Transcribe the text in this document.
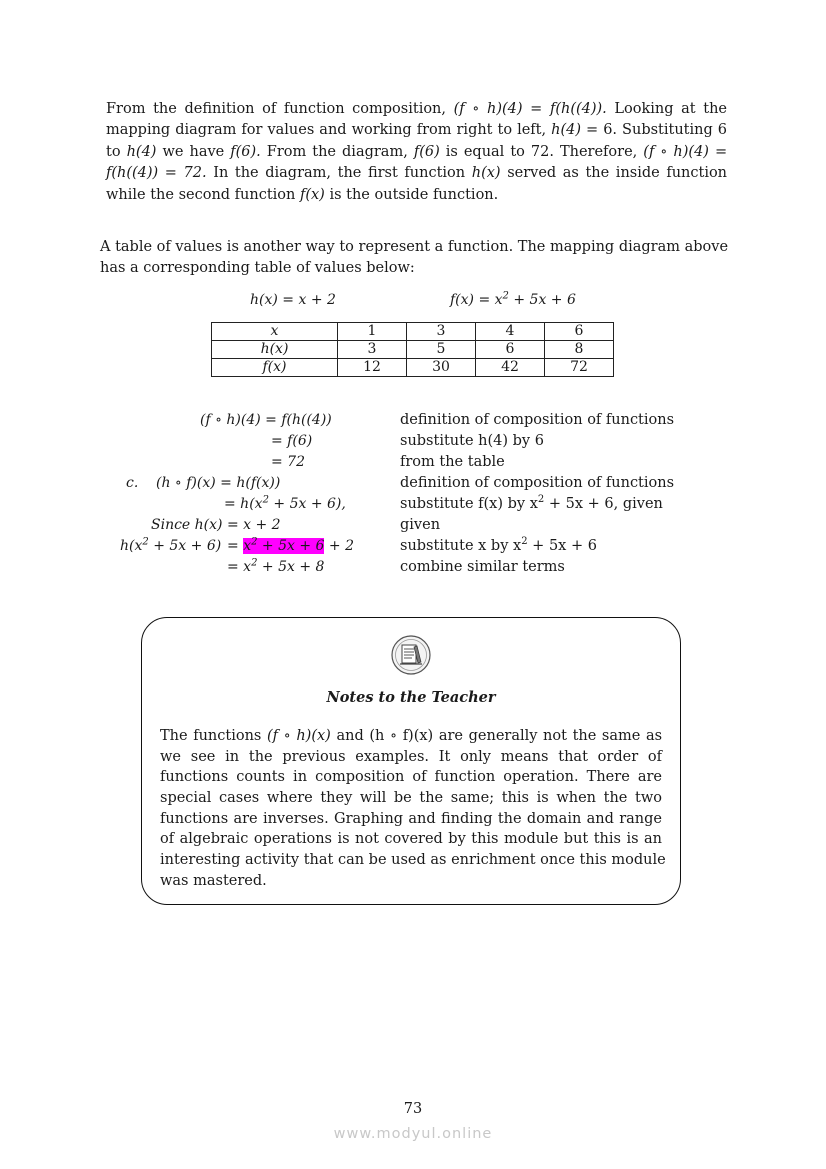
From the definition of function composition, (f ∘ h)(4) = f(h((4)). Looking at the
mapping diagram for values and working from right to left, h(4) = 6. Substituting 6
to h(4) we have f(6). From the diagram, f(6) is equal to 72. Therefore, (f ∘ h)(4) =
f(h((4)) = 72. In the diagram, the first function h(x) served as the inside function
while the second function f(x) is the outside function.
A table of values is another way to represent a function. The mapping diagram above
has a corresponding table of values below:
h(x) = x + 2	$f(x) = x^2 + 5x + 6$
x	1	3	4	6
h(x)	3	5	6	8
f(x)	12	30	42	72
(f ∘ h)(4) = f(h((4))	definition of composition of functions
= f(6)	substitute h(4) by 6
= 72	from the table
c. (h ∘ f)(x) = h(f(x))	definition of composition of functions
= $h(x^2 + 5x + 6)$,	substitute f(x) by $x^2 + 5x + 6$, given
Since h(x) = x + 2	given
$h(x^2 + 5x + 6) = x^2 + 5x + 6 + 2$	substitute x by $x^2 + 5x + 6$
= $x^2 + 5x + 8$	combine similar terms
Notes to the Teacher
The functions (f ∘ h)(x) and (h ∘ f)(x) are generally not the same as
we see in the previous examples. It only means that order of
functions counts in composition of function operation. There are
special cases where they will be the same; this is when the two
functions are inverses. Graphing and finding the domain and range
of algebraic operations is not covered by this module but this is an
interesting activity that can be used as enrichment once this module
was mastered.
73
www.modyul.online
